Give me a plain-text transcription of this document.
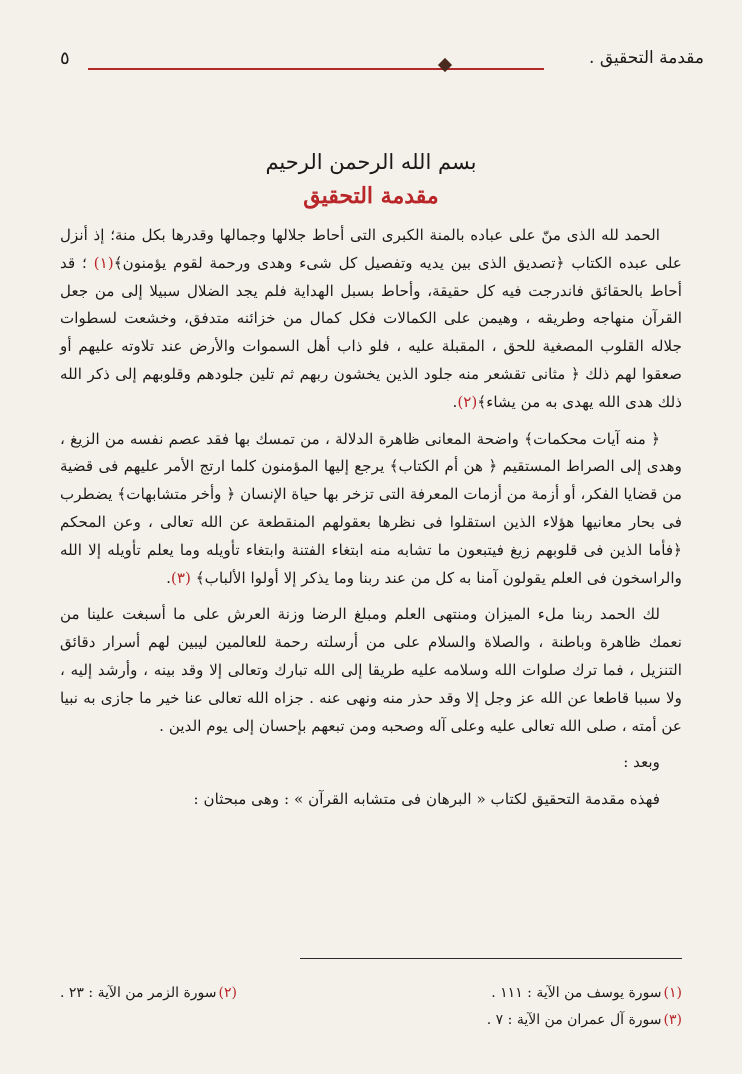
مقدمة التحقيق .
٥
بسم الله الرحمن الرحيم
مقدمة التحقيق

الحمد لله الذى منّ على عباده بالمنة الكبرى التى أحاط جلالها وجمالها وقدرها بكل منة؛ إذ أنزل على عبده الكتاب ﴿تصديق الذى بين يديه وتفصيل كل شىء وهدى ورحمة لقوم يؤمنون﴾(١) ؛ قد أحاط بالحقائق فاندرجت فيه كل حقيقة، وأحاط بسبل الهداية فلم يجد الضلال سبيلا إلى من جعل القرآن منهاجه وطريقه ، وهيمن على الكمالات فكل كمال من خزائنه متدفق، وخشعت لسطوات جلاله القلوب المصغية للحق ، المقبلة عليه ، فلو ذاب أهل السموات والأرض عند تلاوته عليهم أو صعقوا لهم ذلك ﴿ مثانى تقشعر منه جلود الذين يخشون ربهم ثم تلين جلودهم وقلوبهم إلى ذكر الله ذلك هدى الله يهدى به من يشاء﴾(٢).

﴿ منه آيات محكمات﴾ واضحة المعانى ظاهرة الدلالة ، من تمسك بها فقد عصم نفسه من الزيغ ، وهدى إلى الصراط المستقيم ﴿ هن أم الكتاب﴾ يرجع إليها المؤمنون كلما ارتج الأمر عليهم فى قضية من قضايا الفكر، أو أزمة من أزمات المعرفة التى تزخر بها حياة الإنسان ﴿ وأخر متشابهات﴾ يضطرب فى بحار معانيها هؤلاء الذين استقلوا فى نظرها بعقولهم المنقطعة عن الله تعالى ، وعن المحكم ﴿فأما الذين فى قلوبهم زيغ فيتبعون ما تشابه منه ابتغاء الفتنة وابتغاء تأويله وما يعلم تأويله إلا الله والراسخون فى العلم يقولون آمنا به كل من عند ربنا وما يذكر إلا أولوا الألباب﴾ (٣).

لك الحمد ربنا ملء الميزان ومنتهى العلم ومبلغ الرضا وزنة العرش على ما أسبغت علينا من نعمك ظاهرة وباطنة ، والصلاة والسلام على من أرسلته رحمة للعالمين ليبين لهم أسرار دقائق التنزيل ، فما ترك صلوات الله وسلامه عليه طريقا إلى الله تبارك وتعالى إلا وقد بينه ، وأرشد إليه ، ولا سببا قاطعا عن الله عز وجل إلا وقد حذر منه ونهى عنه . جزاه الله تعالى عنا خير ما جازى به نبيا عن أمته ، صلى الله تعالى عليه وعلى آله وصحبه ومن تبعهم بإحسان إلى يوم الدين .

وبعد :

فهذه مقدمة التحقيق لكتاب « البرهان فى متشابه القرآن » : وهى مبحثان :

(١)سورة يوسف من الآية : ١١١ .
(٢)سورة الزمر من الآية : ٢٣ .
(٣)سورة آل عمران من الآية : ٧ .
